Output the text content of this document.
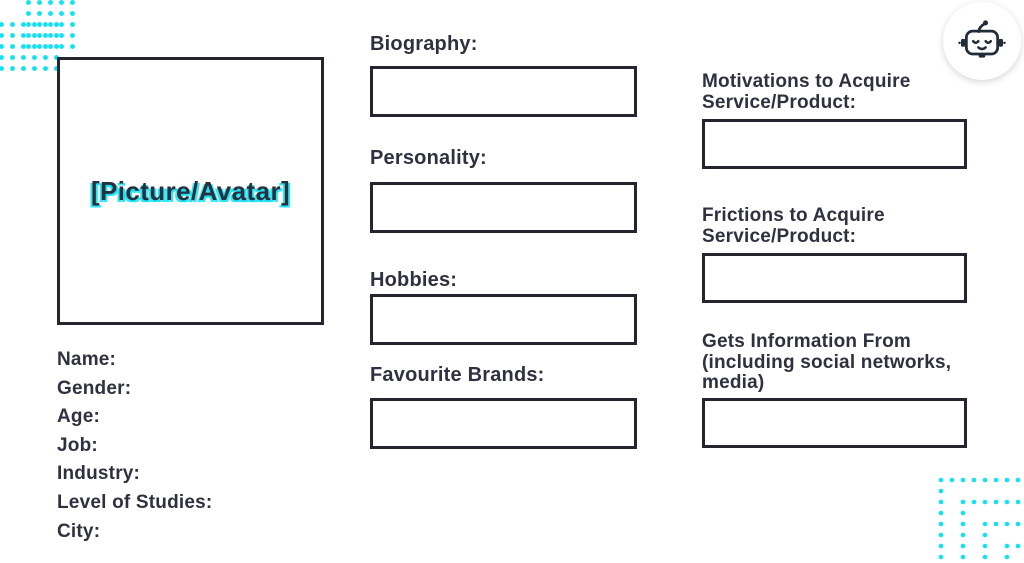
[Picture/Avatar]
Name:
Gender:
Age:
Job:
Industry:
Level of Studies:
City:
Biography:
Personality:
Hobbies:
Favourite Brands:
Motivations to Acquire
Service/Product:
Frictions to Acquire
Service/Product:
Gets Information From
(including social networks,
media)
